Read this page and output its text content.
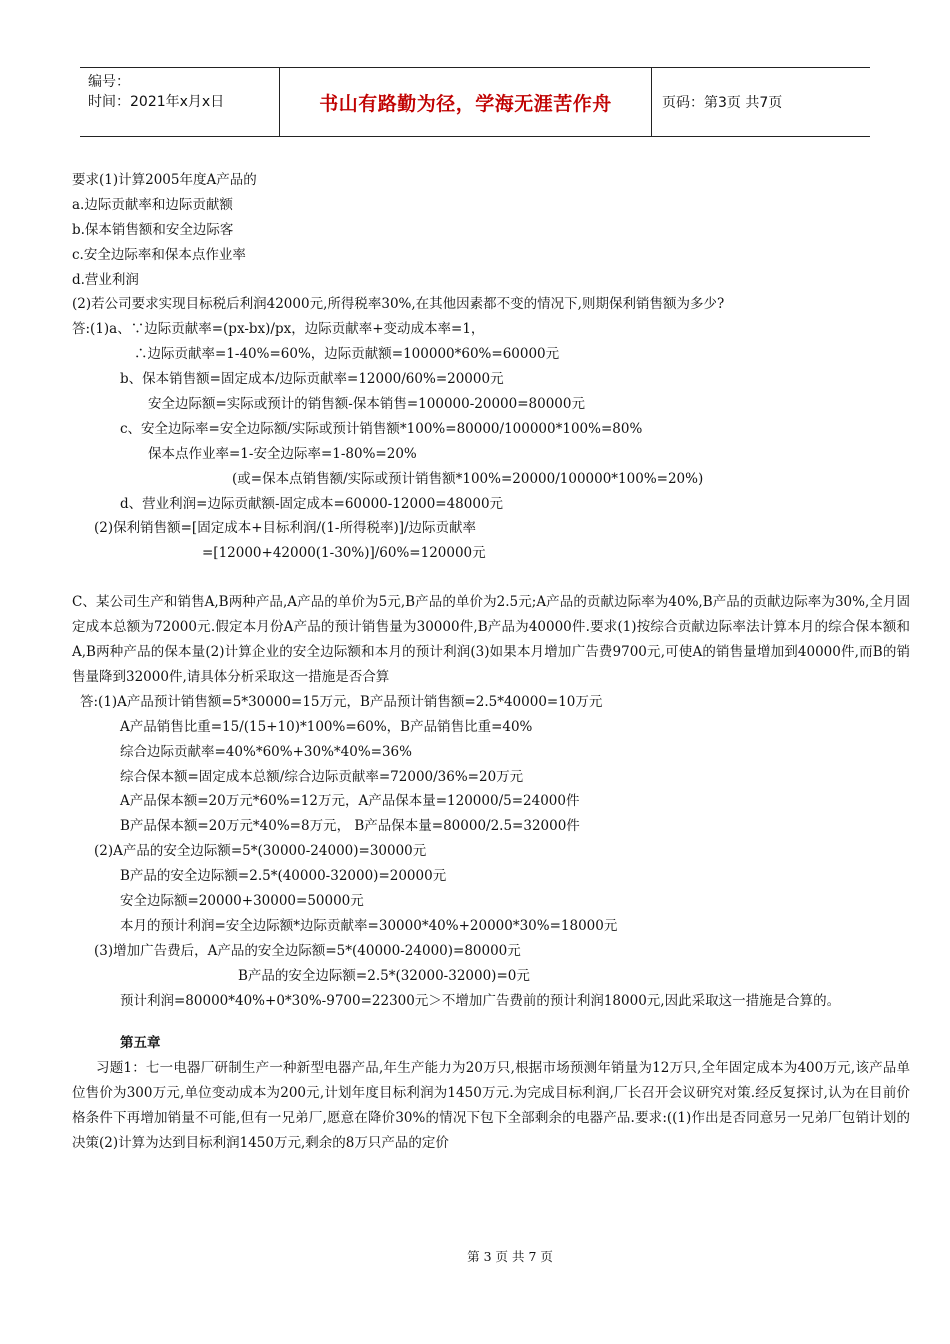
编号：
时间：2021年x月x日	书山有路勤为径，学海无涯苦作舟	页码：第3页 共7页
要求(1)计算2005年度A产品的
a.边际贡献率和边际贡献额
b.保本销售额和安全边际客
c.安全边际率和保本点作业率
d.营业利润
(2)若公司要求实现目标税后利润42000元,所得税率30%,在其他因素都不变的情况下,则期保利销售额为多少?
答:(1)a、∵边际贡献率=(px-bx)/px，边际贡献率+变动成本率=1，
∴边际贡献率=1-40%=60%，边际贡献额=100000*60%=60000元
b、保本销售额=固定成本/边际贡献率=12000/60%=20000元
安全边际额=实际或预计的销售额-保本销售=100000-20000=80000元
c、安全边际率=安全边际额/实际或预计销售额*100%=80000/100000*100%=80%
保本点作业率=1-安全边际率=1-80%=20%
(或=保本点销售额/实际或预计销售额*100%=20000/100000*100%=20%)
d、营业利润=边际贡献额-固定成本=60000-12000=48000元
(2)保利销售额=[固定成本+目标利润/(1-所得税率)]/边际贡献率
=[12000+42000(1-30%)]/60%=120000元

C、某公司生产和销售A,B两种产品,A产品的单价为5元,B产品的单价为2.5元;A产品的贡献边际率为40%,B产品的贡献边际率为30%,全月固定成本总额为72000元.假定本月份A产品的预计销售量为30000件,B产品为40000件.要求(1)按综合贡献边际率法计算本月的综合保本额和A,B两种产品的保本量(2)计算企业的安全边际额和本月的预计利润(3)如果本月增加广告费9700元,可使A的销售量增加到40000件,而B的销售量降到32000件,请具体分析采取这一措施是否合算

答:(1)A产品预计销售额=5*30000=15万元，B产品预计销售额=2.5*40000=10万元
A产品销售比重=15/(15+10)*100%=60%，B产品销售比重=40%
综合边际贡献率=40%*60%+30%*40%=36%
综合保本额=固定成本总额/综合边际贡献率=72000/36%=20万元
A产品保本额=20万元*60%=12万元，A产品保本量=120000/5=24000件
B产品保本额=20万元*40%=8万元， B产品保本量=80000/2.5=32000件
(2)A产品的安全边际额=5*(30000-24000)=30000元
B产品的安全边际额=2.5*(40000-32000)=20000元
安全边际额=20000+30000=50000元
本月的预计利润=安全边际额*边际贡献率=30000*40%+20000*30%=18000元
(3)增加广告费后，A产品的安全边际额=5*(40000-24000)=80000元
B产品的安全边际额=2.5*(32000-32000)=0元

预计利润=80000*40%+0*30%-9700=22300元＞不增加广告费前的预计利润18000元,因此采取这一措施是合算的。

第五章

习题1：七一电器厂研制生产一种新型电器产品,年生产能力为20万只,根据市场预测年销量为12万只,全年固定成本为400万元,该产品单位售价为300万元,单位变动成本为200元,计划年度目标利润为1450万元.为完成目标利润,厂长召开会议研究对策.经反复探讨,认为在目前价格条件下再增加销量不可能,但有一兄弟厂,愿意在降价30%的情况下包下全部剩余的电器产品.要求:((1)作出是否同意另一兄弟厂包销计划的决策(2)计算为达到目标利润1450万元,剩余的8万只产品的定价

第 3 页 共 7 页
